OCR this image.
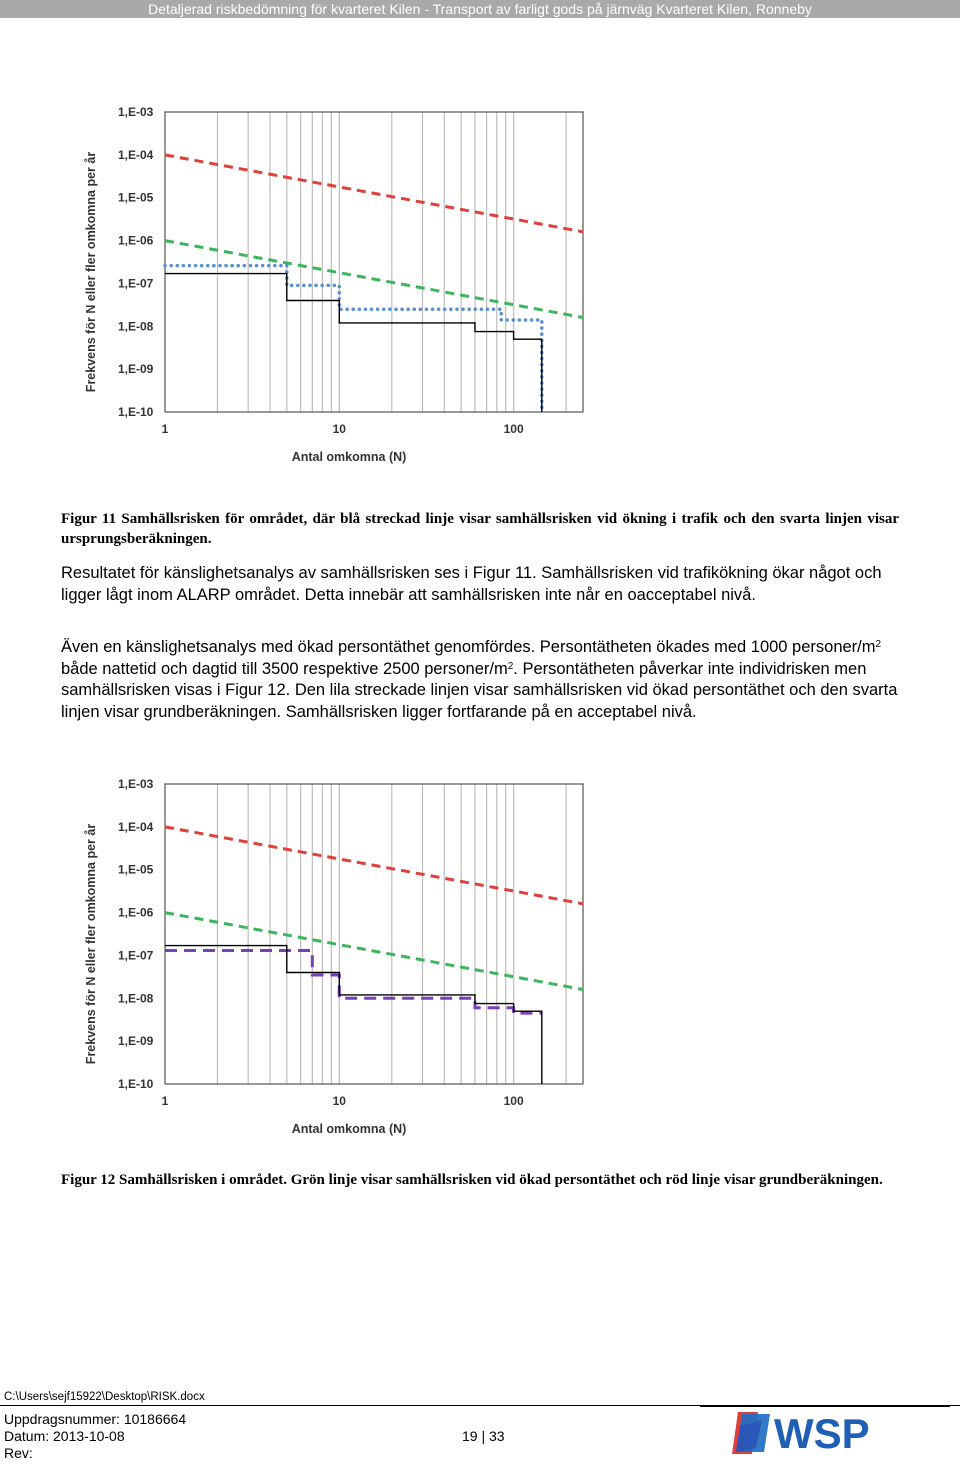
Detaljerad riskbedömning för kvarteret Kilen - Transport av farligt gods på järnväg Kvarteret Kilen, Ronneby
1,E-03
1,E-04
1,E-05
1,E-06
1,E-07
1,E-08
1,E-09
1,E-10
1	10	100
Antal omkomna (N)
Frekvens för N eller fler omkomna per år
Figur 11 Samhällsrisken för området, där blå streckad linje visar samhällsrisken vid ökning i trafik och den svarta linjen visar ursprungsberäkningen.
Resultatet för känslighetsanalys av samhällsrisken ses i Figur 11. Samhällsrisken vid trafikökning ökar något och ligger lågt inom ALARP området. Detta innebär att samhällsrisken inte når en oacceptabel nivå.
Även en känslighetsanalys med ökad persontäthet genomfördes. Persontätheten ökades med 1000 personer/$m^2$ både nattetid och dagtid till 3500 respektive 2500 personer/$m^2$. Persontätheten påverkar inte individrisken men samhällsrisken visas i Figur 12. Den lila streckade linjen visar samhällsrisken vid ökad persontäthet och den svarta linjen visar grundberäkningen. Samhällsrisken ligger fortfarande på en acceptabel nivå.
1,E-03
1,E-04
1,E-05
1,E-06
1,E-07
1,E-08
1,E-09
1,E-10
1	10	100
Antal omkomna (N)
Frekvens för N eller fler omkomna per år
Figur 12 Samhällsrisken i området. Grön linje visar samhällsrisken vid ökad persontäthet och röd linje visar grundberäkningen.
C:\Users\sejf15922\Desktop\RISK.docx
Uppdragsnummer: 10186664
Datum: 2013-10-08	19 | 33
Rev:	WSP
